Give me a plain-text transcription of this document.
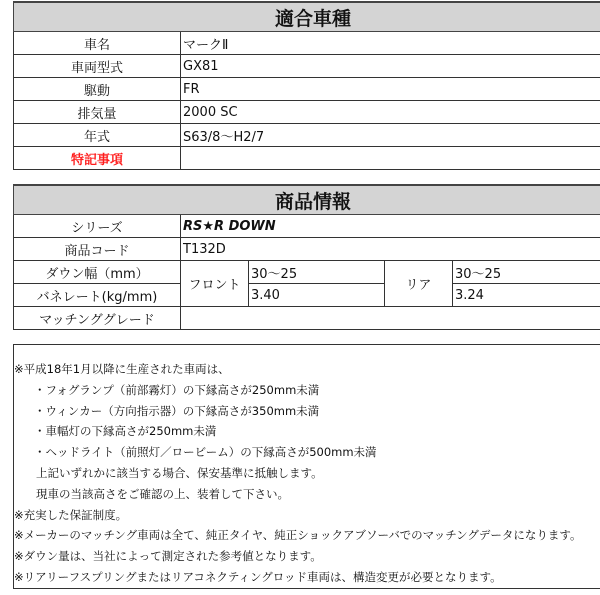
適合車種	
車名	マークⅡ
車両型式	GX81
駆動	FR
排気量	2000 SC
年式	S63/8～H2/7
特記事項	
商品情報				
シリーズ	RS★R DOWN			
商品コード	T132D			
ダウン幅（mm）	フロント	30～25	リア	30～25
バネレート(kg/mm)		3.40		3.24
マッチンググレード				
※平成18年1月以降に生産された車両は、
・フォグランプ（前部霧灯）の下縁高さが250mm未満
・ウィンカー（方向指示器）の下縁高さが350mm未満
・車幅灯の下縁高さが250mm未満
・ヘッドライト（前照灯／ロービーム）の下縁高さが500mm未満
上記いずれかに該当する場合、保安基準に抵触します。
現車の当該高さをご確認の上、装着して下さい。
※充実した保証制度。
※メーカーのマッチング車両は全て、純正タイヤ、純正ショックアブソーバでのマッチングデータになります。
※ダウン量は、当社によって測定された参考値となります。
※リアリーフスプリングまたはリアコネクティングロッド車両は、構造変更が必要となります。
